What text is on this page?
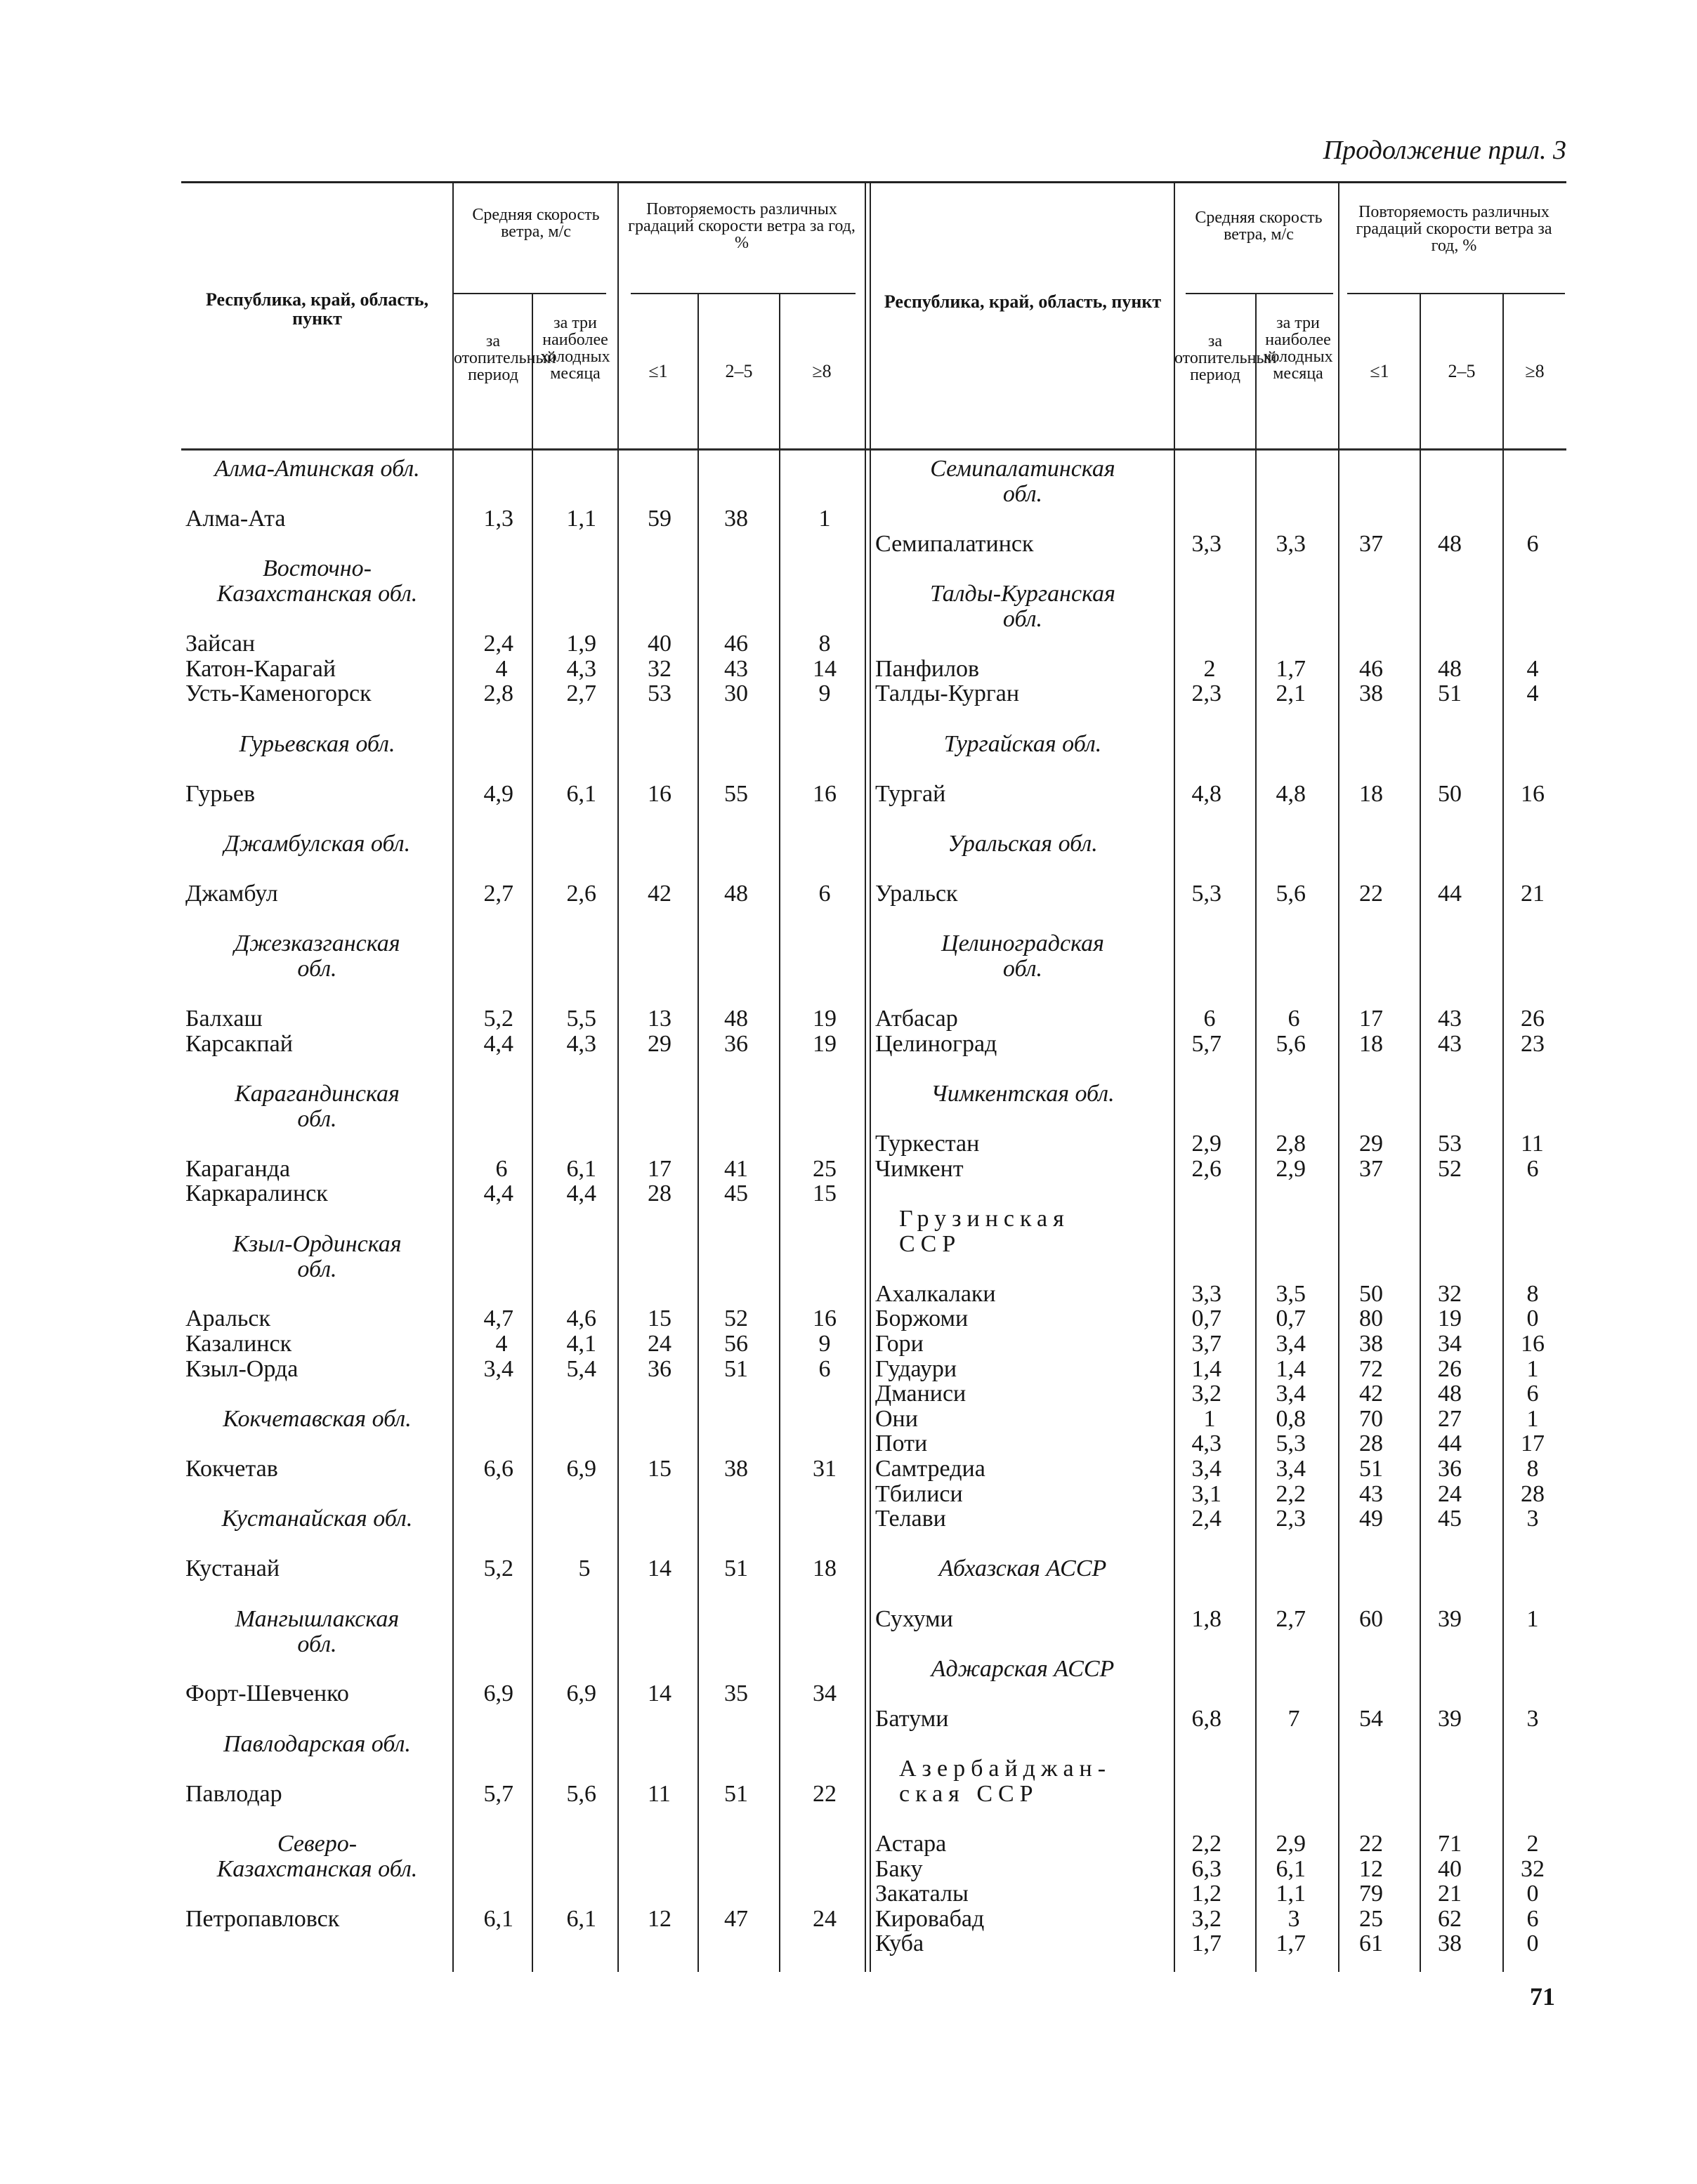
Продолжение прил. 3
Республика, край, область, пункт
Средняя скорость ветра, м/с
за отопительный период
за три наиболее холодных месяца
Повторяемость различных градаций скорости ветра за год, %
≤1	2–5	≥8
Республика, край, область, пункт
Средняя скорость ветра, м/с
за отопительный период
за три наиболее холодных месяца
Повторяемость различных градаций скорости ветра за год, %
≤1	2–5	≥8
Алма-Атинская обл.
Алма-Ата	1,3 1,1 59 38	1
Восточно-
Казахстанская обл.
Зайсан	2,4 1,9 40 46	8
Катон-Карагай	4 4,3 32 43	14
Усть-Каменогорск	2,8 2,7 53 30	9
Гурьевская обл.
Гурьев	4,9 6,1 16 55	16
Джамбулская обл.
Джамбул	2,7 2,6 42 48	6
Джезказганская
обл.
Балхаш	5,2 5,5 13 48	19
Карсакпай	4,4 4,3 29 36	19
Карагандинская
обл.
Караганда	6 6,1 17 41	25
Каркаралинск	4,4 4,4 28 45	15
Кзыл-Ординская
обл.
Аральск	4,7 4,6 15 52	16
Казалинск	4 4,1 24 56	9
Кзыл-Орда	3,4 5,4 36 51	6
Кокчетавская обл.
Кокчетав	6,6 6,9 15 38	31
Кустанайская обл.
Кустанай	5,2	5 14 51	18
Мангышлакская
обл.
Форт-Шевченко	6,9 6,9 14 35	34
Павлодарская обл.
Павлодар	5,7 5,6 11 51	22
Северо-
Казахстанская обл.
Петропавловск	6,1 6,1 12 47	24
Семипалатинская
обл.
Семипалатинск	3,3 3,3 37 48	6
Талды-Курганская
обл.
Панфилов	2	1,7 46 48	4
Талды-Курган	2,3 2,1 38 51	4
Тургайская обл.
Тургай	4,8 4,8 18 50 16
Уральская обл.
Уральск	5,3 5,6 22 44 21
Целиноградская
обл.
Атбасар	6	6 17 43 26
Целиноград	5,7 5,6 18 43 23
Чимкентская обл.
Туркестан	2,9 2,8 29 53 11
Чимкент	2,6 2,9 37 52	6
Грузинская
ССР
Ахалкалаки	3,3 3,5 50 32	8
Боржоми	0,7 0,7 80 19	0
Гори	3,7 3,4 38 34 16
Гудаури	1,4 1,4 72 26	1
Дманиси	3,2 3,4 42 48	6
Они	1	0,8 70 27	1
Поти	4,3 5,3 28 44 17
Самтредиа	3,4 3,4 51 36	8
Тбилиси	3,1 2,2 43 24 28
Телави	2,4 2,3 49 45	3
Абхазская АССР
Сухуми	1,8 2,7 60 39	1
Аджарская АССР
Батуми	6,8	7 54 39	3
Азербайджан-
ская ССР
Астара	2,2 2,9 22 71	2
Баку	6,3 6,1 12 40 32
Закаталы	1,2 1,1 79 21	0
Кировабад	3,2	3 25 62	6
Куба	1,7 1,7 61 38	0
71
